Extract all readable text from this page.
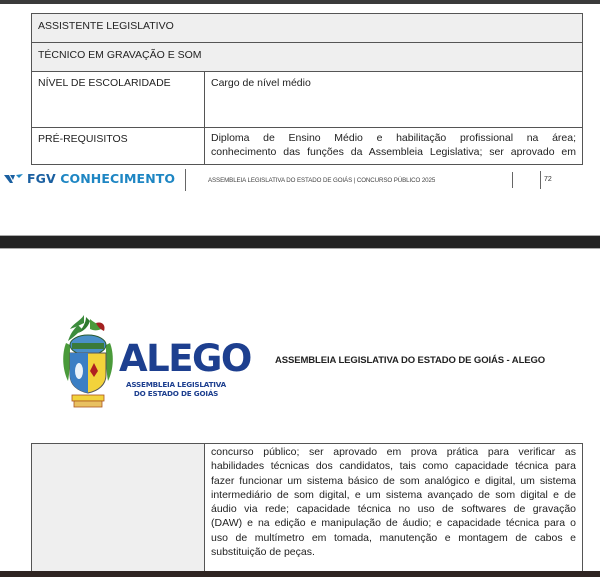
ASSISTENTE LEGISLATIVO
TÉCNICO EM GRAVAÇÃO E SOM
NÍVEL DE ESCOLARIDADE	Cargo de nível médio
PRÉ-REQUISITOS	Diploma de Ensino Médio e habilitação profissional na área;
conhecimento das funções da Assembleia Legislativa; ser aprovado em
FGV CONHECIMENTO	ASSEMBLEIA LEGISLATIVA DO ESTADO DE GOIÁS | CONCURSO PÚBLICO 2025	72
ALEGO
ASSEMBLEIA LEGISLATIVA
DO ESTADO DE GOIÁS
ASSEMBLEIA LEGISLATIVA DO ESTADO DE GOIÁS - ALEGO
concurso público; ser aprovado em prova prática para verificar as
habilidades técnicas dos candidatos, tais como capacidade técnica para
fazer funcionar um sistema básico de som analógico e digital, um sistema
intermediário de som digital, e um sistema avançado de som digital e de
áudio via rede; capacidade técnica no uso de softwares de gravação
(DAW) e na edição e manipulação de áudio; e capacidade técnica para o
uso de multímetro em tomada, manutenção e montagem de cabos e
substituição de peças.
